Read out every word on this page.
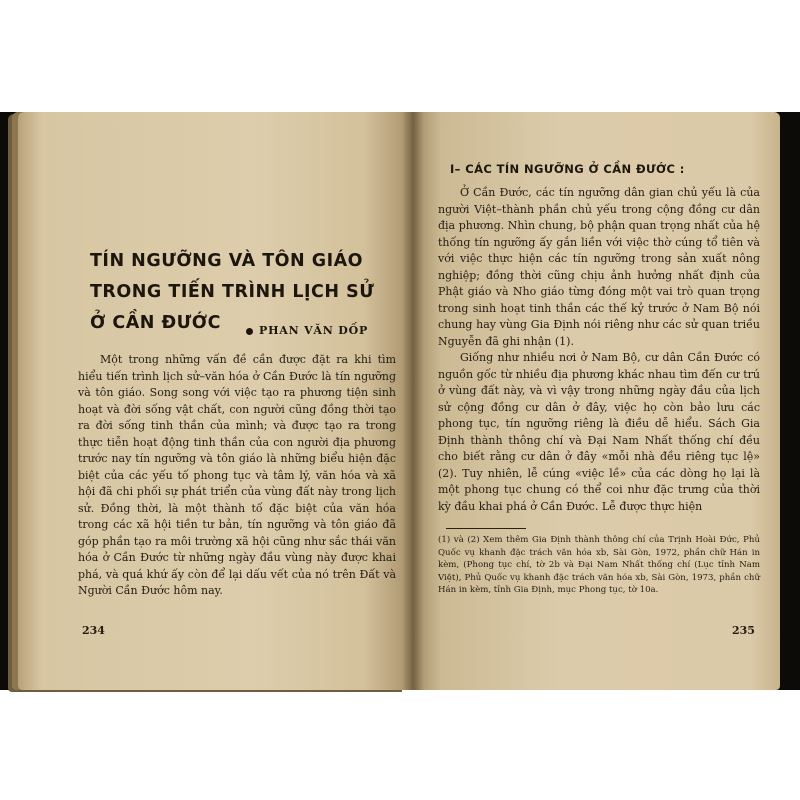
TÍN NGƯỠNG VÀ TÔN GIÁO
TRONG TIẾN TRÌNH LỊCH SỬ
Ở CẦN ĐƯỚC	PHAN VĂN DỐP

Một trong những vấn đề cần được đặt ra khi tìm hiểu tiến trình lịch sử–văn hóa ở Cần Đước là tín ngưỡng và tôn giáo. Song song với việc tạo ra phương tiện sinh hoạt và đời sống vật chất, con người cũng đồng thời tạo ra đời sống tinh thần của mình; và được tạo ra trong thực tiễn hoạt động tinh thần của con người địa phương trước nay tín ngưỡng và tôn giáo là những biểu hiện đặc biệt của các yếu tố phong tục và tâm lý, văn hóa và xã hội đã chi phối sự phát triển của vùng đất này trong lịch sử. Đồng thời, là một thành tố đặc biệt của văn hóa trong các xã hội tiền tư bản, tín ngưỡng và tôn giáo đã góp phần tạo ra môi trường xã hội cũng như sắc thái văn hóa ở Cần Đước từ những ngày đầu vùng này được khai phá, và quá khứ ấy còn để lại dấu vết của nó trên Đất và Người Cần Đước hôm nay.

234
I– CÁC TÍN NGƯỠNG Ở CẦN ĐƯỚC :

Ở Cần Đước, các tín ngưỡng dân gian chủ yếu là của người Việt–thành phần chủ yếu trong cộng đồng cư dân địa phương. Nhìn chung, bộ phận quan trọng nhất của hệ thống tín ngưỡng ấy gắn liền với việc thờ cúng tổ tiên và với việc thực hiện các tín ngưỡng trong sản xuất nông nghiệp; đồng thời cũng chịu ảnh hưởng nhất định của Phật giáo và Nho giáo từng đóng một vai trò quan trọng trong sinh hoạt tinh thần các thế kỷ trước ở Nam Bộ nói chung hay vùng Gia Định nói riêng như các sử quan triều Nguyễn đã ghi nhận (1).

Giống như nhiều nơi ở Nam Bộ, cư dân Cần Đước có nguồn gốc từ nhiều địa phương khác nhau tìm đến cư trú ở vùng đất này, và vì vậy trong những ngày đầu của lịch sử cộng đồng cư dân ở đây, việc họ còn bảo lưu các phong tục, tín ngưỡng riêng là điều dễ hiểu. Sách Gia Định thành thông chí và Đại Nam Nhất thống chí đều cho biết rằng cư dân ở đây «mỗi nhà đều riêng tục lệ» (2). Tuy nhiên, lễ cúng «việc lề» của các dòng họ lại là một phong tục chung có thể coi như đặc trưng của thời kỳ đầu khai phá ở Cần Đước. Lễ được thực hiện

(1) và (2) Xem thêm Gia Định thành thông chí của Trịnh Hoài Đức, Phủ Quốc vụ khanh đặc trách văn hóa xb, Sài Gòn, 1972, phần chữ Hán in kèm, (Phong tục chí, tờ 2b và Đại Nam Nhất thống chí (Lục tỉnh Nam Việt), Phủ Quốc vụ khanh đặc trách văn hóa xb, Sài Gòn, 1973, phần chữ Hán in kèm, tỉnh Gia Định, mục Phong tục, tờ 10a.
235
